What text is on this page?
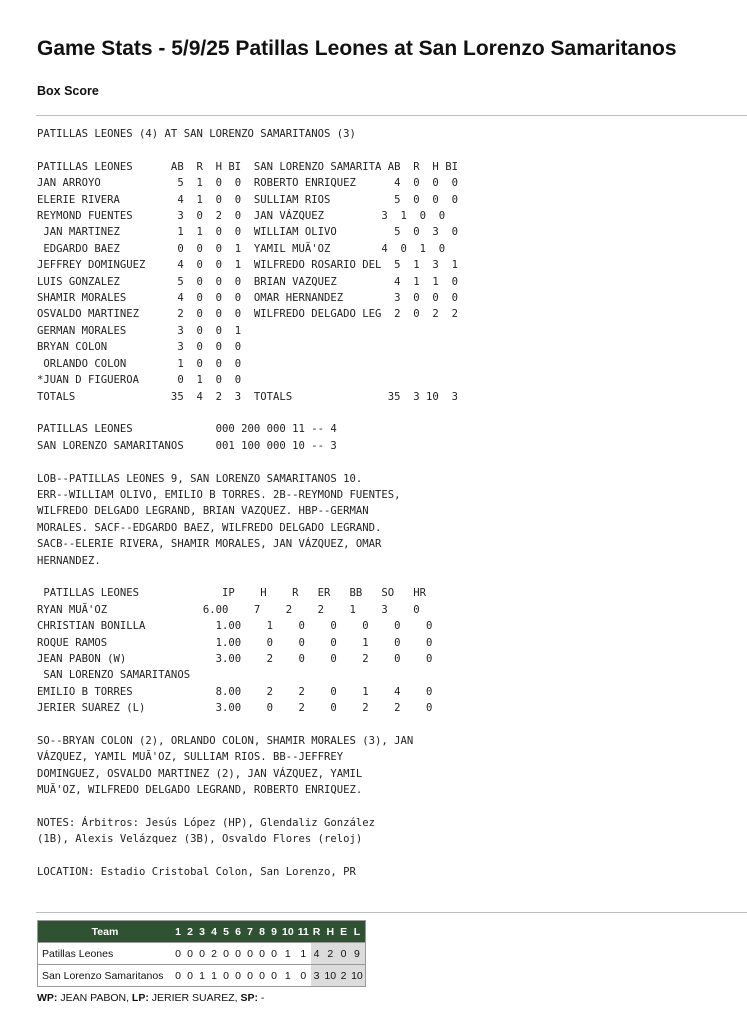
Game Stats - 5/9/25 Patillas Leones at San Lorenzo Samaritanos
Box Score
PATILLAS LEONES (4) AT SAN LORENZO SAMARITANOS (3)

PATILLAS LEONES      AB  R  H BI  SAN LORENZO SAMARITA AB  R  H BI
JAN ARROYO            5  1  0  0  ROBERTO ENRIQUEZ      4  0  0  0
ELERIE RIVERA         4  1  0  0  SULLIAM RIOS          5  0  0  0
REYMOND FUENTES       3  0  2  0  JAN VÁZQUEZ         3  1  0  0
JAN MARTINEZ         1  1  0  0  WILLIAM OLIVO         5  0  3  0
EDGARDO BAEZ         0  0  0  1  YAMIL MUÃ'OZ        4  0  1  0
JEFFREY DOMINGUEZ     4  0  0  1  WILFREDO ROSARIO DEL  5  1  3  1
LUIS GONZALEZ         5  0  0  0  BRIAN VAZQUEZ         4  1  1  0
SHAMIR MORALES        4  0  0  0  OMAR HERNANDEZ        3  0  0  0
OSVALDO MARTINEZ      2  0  0  0  WILFREDO DELGADO LEG  2  0  2  2
GERMAN MORALES        3  0  0  1
BRYAN COLON           3  0  0  0
ORLANDO COLON        1  0  0  0
*JUAN D FIGUEROA      0  1  0  0
TOTALS               35  4  2  3  TOTALS               35  3 10  3

PATILLAS LEONES             000 200 000 11 -- 4
SAN LORENZO SAMARITANOS     001 100 000 10 -- 3

LOB--PATILLAS LEONES 9, SAN LORENZO SAMARITANOS 10.
ERR--WILLIAM OLIVO, EMILIO B TORRES. 2B--REYMOND FUENTES,
WILFREDO DELGADO LEGRAND, BRIAN VAZQUEZ. HBP--GERMAN
MORALES. SACF--EDGARDO BAEZ, WILFREDO DELGADO LEGRAND.
SACB--ELERIE RIVERA, SHAMIR MORALES, JAN VÁZQUEZ, OMAR
HERNANDEZ.

PATILLAS LEONES             IP    H    R   ER   BB   SO   HR
RYAN MUÃ'OZ               6.00    7    2    2    1    3    0
CHRISTIAN BONILLA           1.00    1    0    0    0    0    0
ROQUE RAMOS                 1.00    0    0    0    1    0    0
JEAN PABON (W)              3.00    2    0    0    2    0    0
SAN LORENZO SAMARITANOS
EMILIO B TORRES             8.00    2    2    0    1    4    0
JERIER SUAREZ (L)           3.00    0    2    0    2    2    0

SO--BRYAN COLON (2), ORLANDO COLON, SHAMIR MORALES (3), JAN
VÁZQUEZ, YAMIL MUÃ'OZ, SULLIAM RIOS. BB--JEFFREY
DOMINGUEZ, OSVALDO MARTINEZ (2), JAN VÁZQUEZ, YAMIL
MUÃ'OZ, WILFREDO DELGADO LEGRAND, ROBERTO ENRIQUEZ.

NOTES: Árbitros: Jesús López (HP), Glendaliz González
(1B), Alexis Velázquez (3B), Osvaldo Flores (reloj)

LOCATION: Estadio Cristobal Colon, San Lorenzo, PR
Team	1	2	3	4	5	6	7	8	9	10	11	R	H	E	L
Patillas Leones	0	0	0	2	0	0	0	0	0	1	1	4	2	0	9
San Lorenzo Samaritanos	0	0	1	1	0	0	0	0	0	1	0	3	10	2	10
WP: JEAN PABON, LP: JERIER SUAREZ, SP: -
